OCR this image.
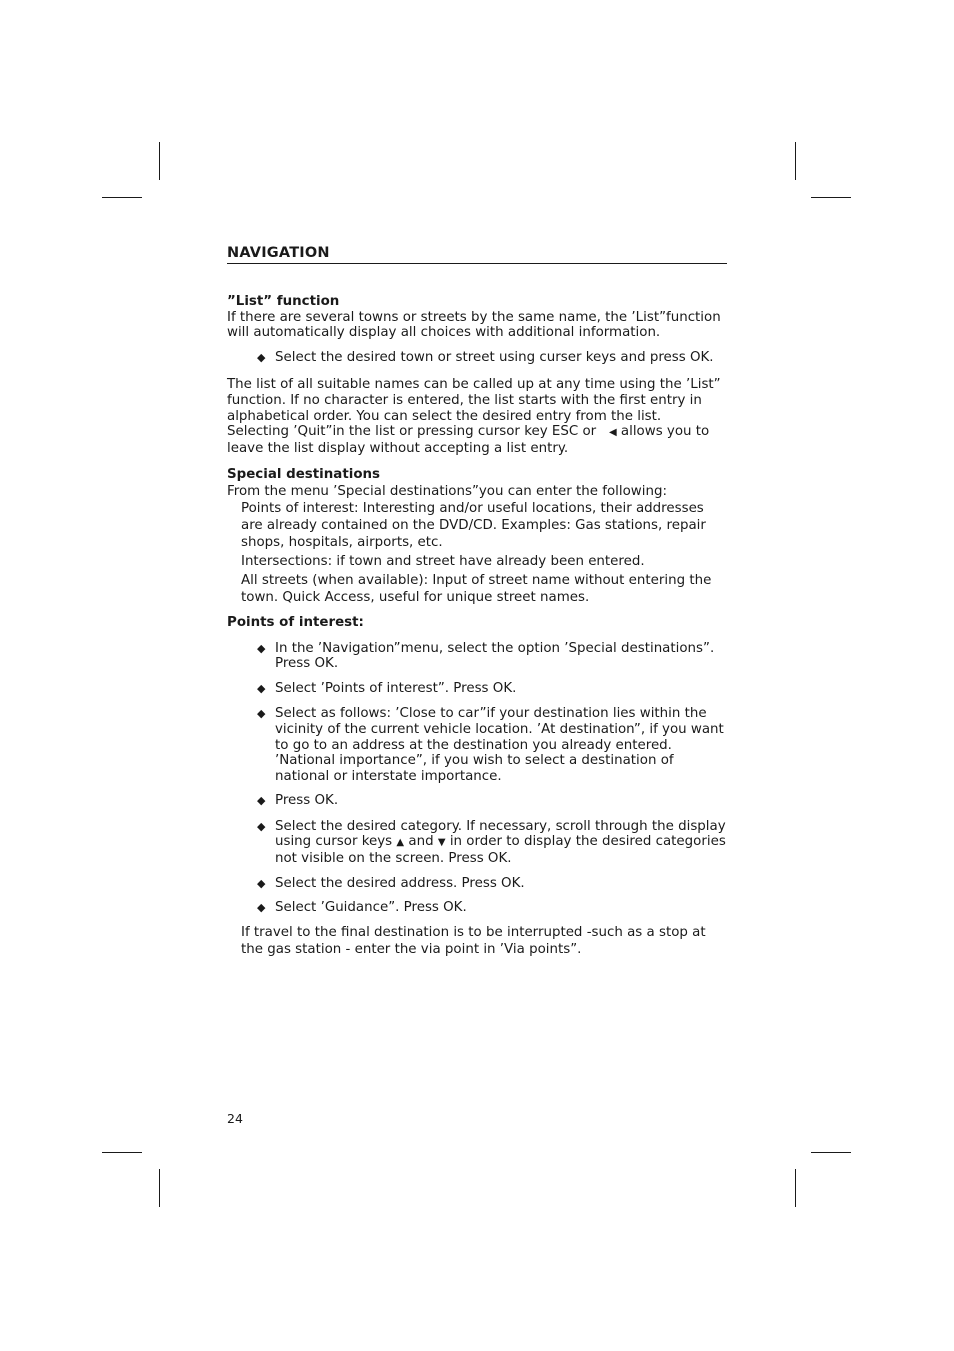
NAVIGATION
”List” function

If there are several towns or streets by the same name, the ’List”function will automatically display all choices with additional information.

◆ Select the desired town or street using curser keys and press OK.

The list of all suitable names can be called up at any time using the ’List” function. If no character is entered, the list starts with the first entry in alphabetical order. You can select the desired entry from the list. Selecting ’Quit”in the list or pressing cursor key ESC or ◀ allows you to leave the list display without accepting a list entry.

Special destinations

From the menu ’Special destinations”you can enter the following:

Points of interest: Interesting and/or useful locations, their addresses are already contained on the DVD/CD. Examples: Gas stations, repair shops, hospitals, airports, etc.

Intersections: if town and street have already been entered.

All streets (when available): Input of street name without entering the town. Quick Access, useful for unique street names.

Points of interest:
◆ In the ’Navigation”menu, select the option ’Special destinations”. Press OK.
◆ Select ’Points of interest”. Press OK.
◆ Select as follows: ’Close to car”if your destination lies within the vicinity of the current vehicle location. ’At destination”, if you want to go to an address at the destination you already entered. ’National importance”, if you wish to select a destination of national or interstate importance.
◆ Press OK.
◆ Select the desired category. If necessary, scroll through the display using cursor keys ▲ and ▼ in order to display the desired categories not visible on the screen. Press OK.
◆ Select the desired address. Press OK.
◆ Select ’Guidance”. Press OK.

If travel to the final destination is to be interrupted -such as a stop at the gas station - enter the via point in ’Via points”.

24
